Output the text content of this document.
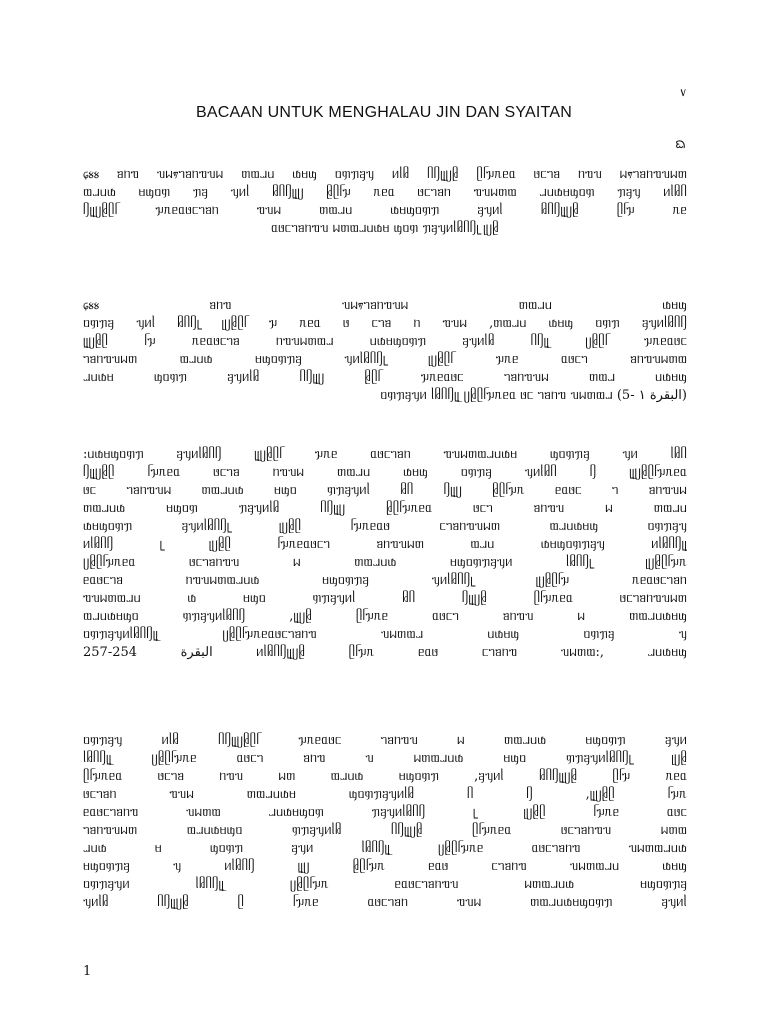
᥎
BACAAN UNTUK MENGHALAU JIN DAN SYAITAN
ᨳ
᥌᥍᥍ ᥑᥒᥓ ᥔᥕ᥏ᥐᥑᥒᥓᥔᥕ ᥖᥗᥘᥙ ᥚᥛᥜ ᥝᥞᥟᥠᥡ ᥢᥣᥤ ᥥᥦᥧᥨᥩᥪ ᥫᥬᥭᥰᥱᥲ ᥳᥴᥐᥑ ᥒᥓᥔ ᥕ᥏ᥐᥑᥒᥓᥔᥕᥖ
ᥗᥘᥙᥚ ᥛᥜᥝᥞ ᥟᥠ ᥡᥢᥣ ᥤᥥᥦᥧᥨᥩ ᥪᥫᥬᥭ ᥰᥱᥲ ᥳᥴᥐᥑᥒ ᥓᥔᥕᥖᥗ ᥘᥙᥚᥛᥜᥝᥞ ᥟᥠᥡ ᥢᥣᥤᥥ
ᥦᥧᥨᥩᥪᥫᥬ ᥭᥰᥱᥲᥳᥴᥐᥑᥒ ᥓᥔᥕ ᥖᥗᥘᥙ ᥚᥛᥜᥝᥞᥟ ᥠᥡᥢᥣ ᥤᥥᥦᥧᥨᥩᥪ ᥫᥬᥭ ᥰᥱ
ᥲᥳᥴᥐᥑᥒᥓᥔ ᥕᥖᥗᥘᥙᥚᥛ ᥜᥝᥞ ᥟᥠᥡᥢᥣᥤᥥᥦᥧ ᥨᥩᥪ
᥌᥍᥍ ᥑᥒᥓ ᥔᥕ᥏ᥐᥑᥒᥓᥔᥕ ᥖᥗᥘᥙ ᥚᥛᥜ
ᥝᥞᥟᥠ ᥡᥢᥣ ᥤᥥᥦᥧ ᥨᥩᥪᥫᥬ ᥭ ᥰᥱᥲ ᥳ ᥴᥐᥑ ᥒ ᥓᥔᥕ ,ᥖᥗᥘᥙ ᥚᥛᥜ ᥝᥞᥟ ᥠᥡᥢᥣᥤᥥᥦ
ᥧᥨᥩᥪᥫ ᥬᥭ ᥰᥱᥲᥳᥴᥐᥑ ᥒᥓᥔᥕᥖᥗᥘ ᥙᥚᥛᥜᥝᥞᥟ ᥠᥡᥢᥣᥤ ᥥᥦᥧᥨ ᥩᥪᥫᥬ ᥭᥰᥱᥲᥳᥴ
ᥐᥑᥒᥓᥔᥕᥖ ᥗᥘᥙᥚ ᥛᥜᥝᥞᥟᥠ ᥡᥢᥣᥤᥥᥦᥧ ᥨᥩᥪᥫᥬ ᥭᥰᥱ ᥲᥳᥴᥐ ᥑᥒᥓᥔᥕᥖᥗ
ᥘᥙᥚᥛ ᥜᥝᥞᥟ ᥠᥡᥢᥣᥤ ᥥᥦᥧᥨᥩ ᥪᥫᥬ ᥭᥰᥱᥲᥳᥴ ᥐᥑᥒᥓᥔᥕ ᥖᥗᥘ ᥙᥚᥛᥜ
ᥝᥞᥟᥠᥡᥢ ᥣᥤᥥᥦᥧᥨ ᥩᥪᥫᥬᥭᥰᥱᥲ ᥳᥴ ᥐᥑᥒᥓ ᥔᥕᥖᥗᥘ (البقرة ١ -5)
:ᥙᥚᥛᥜᥝᥞᥟ ᥠᥡᥢᥣᥤᥥᥦ ᥧᥨᥩᥪᥫᥬ ᥭᥰᥱ ᥲᥳᥴᥐᥑᥒ ᥓᥔᥕᥖᥗᥘᥙᥚᥛ ᥜᥝᥞᥟᥠ ᥡᥢ ᥣᥤᥥ
ᥦᥧᥨᥩᥪᥫ ᥬᥭᥰᥱᥲ ᥳᥴᥐᥑ ᥒᥓᥔᥕ ᥖᥗᥘᥙ ᥚᥛᥜ ᥝᥞᥟᥠ ᥡᥢᥣᥤᥥ ᥦ ᥧᥨᥩᥪᥫᥬᥭᥰᥱᥲ
ᥳᥴ ᥐᥑᥒᥓᥔᥕ ᥖᥗᥘᥙᥚ ᥛᥜᥝ ᥞᥟᥠᥡᥢᥣ ᥤᥥ ᥦᥧᥨᥩ ᥪᥫᥬᥭᥰ ᥱᥲᥳᥴ ᥐ ᥑᥒᥓᥔᥕ
ᥖᥗᥘᥙᥚ ᥛᥜᥝᥞ ᥟᥠᥡᥢᥣᥤ ᥥᥦᥧᥨᥩ ᥪᥫᥬᥭᥰᥱᥲ ᥳᥴᥐ ᥑᥒᥓᥔ ᥕ ᥖᥗᥘᥙ
ᥚᥛᥜᥝᥞᥟ ᥠᥡᥢᥣᥤᥥᥦᥧ ᥨᥩᥪᥫ ᥬᥭᥰᥱᥲᥳ ᥴᥐᥑᥒᥓᥔᥕᥖ ᥗᥘᥙᥚᥛᥜ ᥝᥞᥟᥠᥡ
ᥢᥣᥤᥥᥦ ᥧ ᥨᥩᥪᥫ ᥬᥭᥰᥱᥲᥳᥴᥐ ᥑᥒᥓᥔᥕᥖ ᥗᥘᥙ ᥚᥛᥜᥝᥞᥟᥠᥡ ᥢᥣᥤᥥᥦᥧᥨ
ᥩᥪᥫᥬᥭᥰᥱᥲ ᥳᥴᥐᥑᥒᥓᥔ ᥕ ᥖᥗᥘᥙᥚ ᥛᥜᥝᥞᥟᥠᥡᥢ ᥣᥤᥥᥦᥧ ᥨᥩᥪᥫᥬᥭᥰ
ᥱᥲᥳᥴᥐᥑ ᥒᥓᥔᥕᥖᥗᥘᥙᥚ ᥛᥜᥝᥞᥟᥠ ᥡᥢᥣᥤᥥᥦᥧ ᥨᥩᥪᥫᥬᥭ ᥰᥱᥲᥳᥴᥐᥑᥒ
ᥓᥔᥕᥖᥗᥘᥙ ᥚ ᥛᥜᥝ ᥞᥟᥠᥡᥢᥣ ᥤᥥ ᥦᥧᥨᥩᥪ ᥫᥬᥭᥰᥱᥲ ᥳᥴᥐᥑᥒᥓᥔᥕᥖ
ᥗᥘᥙᥚᥛᥜᥝ ᥞᥟᥠᥡᥢᥣᥤᥥᥦ ,ᥧᥨᥩᥪ ᥫᥬᥭᥰᥱ ᥲᥳᥴᥐ ᥑᥒᥓᥔ ᥕ ᥖᥗᥘᥙᥚᥛᥜ
ᥝᥞᥟᥠᥡᥢᥣᥤᥥᥦᥧᥨ ᥩᥪᥫᥬᥭᥰᥱᥲᥳᥴᥐᥑᥒᥓ ᥔᥕᥖᥗᥘ ᥙᥚᥛᥜ ᥝᥞᥟᥠ ᥡ
257-254 البقرة ᥢᥣᥤᥥᥦᥧᥨᥩᥪ ᥫᥬᥭᥰ ᥱᥲᥳ ᥴᥐᥑᥒᥓ ᥔᥕᥖᥗ:, ᥘᥙᥚᥛᥜ
ᥝᥞᥟᥠᥡ ᥢᥣᥤ ᥥᥦᥧᥨᥩᥪᥫᥬ ᥭᥰᥱᥲᥳᥴ ᥐᥑᥒᥓᥔ ᥕ ᥖᥗᥘᥙᥚ ᥛᥜᥝᥞᥟ ᥠᥡᥢ
ᥣᥤᥥᥦᥧᥨ ᥩᥪᥫᥬᥭᥰᥱ ᥲᥳᥴᥐ ᥑᥒᥓ ᥔ ᥕᥖᥗᥘᥙᥚ ᥛᥜᥝ ᥞᥟᥠᥡᥢᥣᥤᥥᥦᥧ ᥨᥩᥪ
ᥫᥬᥭᥰᥱᥲ ᥳᥴᥐᥑ ᥒᥓᥔ ᥕᥖ ᥗᥘᥙᥚ ᥛᥜᥝᥞᥟ ,ᥠᥡᥢᥣ ᥤᥥᥦᥧᥨᥩᥪ ᥫᥬᥭ ᥰᥱᥲ
ᥳᥴᥐᥑᥒ ᥓᥔᥕ ᥖᥗᥘᥙᥚᥛ ᥜᥝᥞᥟᥠᥡᥢᥣᥤ ᥥ ᥦ ,ᥧᥨᥩᥪᥫ ᥬᥭᥰ
ᥱᥲᥳᥴᥐᥑᥒᥓ ᥔᥕᥖᥗ ᥘᥙᥚᥛᥜᥝᥞ ᥟᥠᥡᥢᥣᥤᥥᥦ ᥧ ᥨᥩᥪᥫ ᥬᥭᥰᥱ ᥲᥳᥴ
ᥐᥑᥒᥓᥔᥕᥖ ᥗᥘᥙᥚᥛᥜᥝ ᥞᥟᥠᥡᥢᥣᥤ ᥥᥦᥧᥨᥩᥪ ᥫᥬᥭᥰᥱᥲ ᥳᥴᥐᥑᥒᥓᥔ ᥕᥖᥗ
ᥘᥙᥚ ᥛ ᥜᥝᥞᥟ ᥠᥡᥢ ᥣᥤᥥᥦᥧᥨ ᥩᥪᥫᥬᥭᥰᥱ ᥲᥳᥴᥐᥑᥒᥓ ᥔᥕᥖᥗᥘᥙᥚ
ᥛᥜᥝᥞᥟᥠ ᥡ ᥢᥣᥤᥥᥦ ᥧᥨᥩ ᥪᥫᥬᥭᥰ ᥱᥲᥳ ᥴᥐᥑᥒᥓ ᥔᥕᥖᥗᥘᥙ ᥚᥛᥜ
ᥝᥞᥟᥠᥡᥢ ᥣᥤᥥᥦᥧᥨ ᥩᥪᥫᥬᥭᥰ ᥱᥲᥳᥴᥐᥑᥒᥓᥔ ᥕᥖᥗᥘᥙᥚ ᥛᥜᥝᥞᥟᥠ
ᥡᥢᥣᥤ ᥥᥦᥧᥨᥩᥪ ᥫ ᥬᥭᥰᥱ ᥲᥳᥴᥐᥑᥒ ᥓᥔᥕ ᥖᥗᥘᥙᥚᥛᥜᥝᥞᥟ ᥠᥡᥢᥣ
1
